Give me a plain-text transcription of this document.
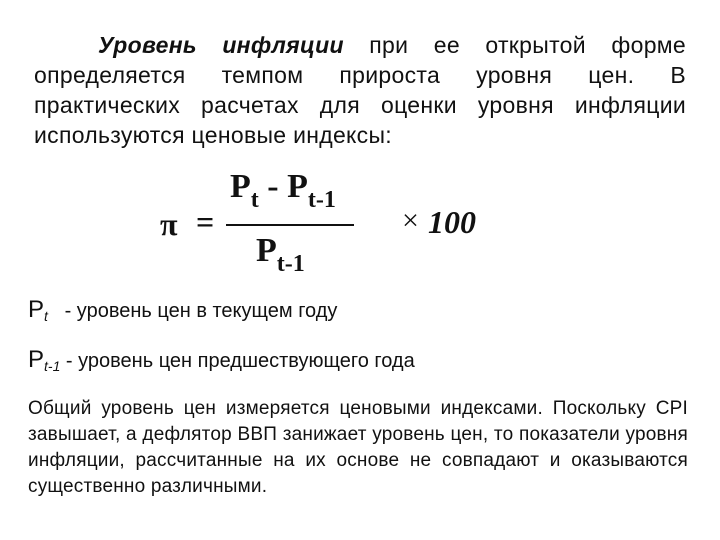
Уровень инфляции при ее открытой форме определяется темпом прироста уровня цен. В практических расчетах для оценки уровня инфляции используются ценовые индексы:

π =
$P_t - P_{t-1}$
$P_{t-1}$
× 100
$P_t$ - уровень цен в текущем году
$P_{t-1}$ - уровень цен предшествующего года

Общий уровень цен измеряется ценовыми индексами. Поскольку CPI завышает, а дефлятор ВВП занижает уровень цен, то показатели уровня инфляции, рассчитанные на их основе не совпадают и оказываются существенно различными.
